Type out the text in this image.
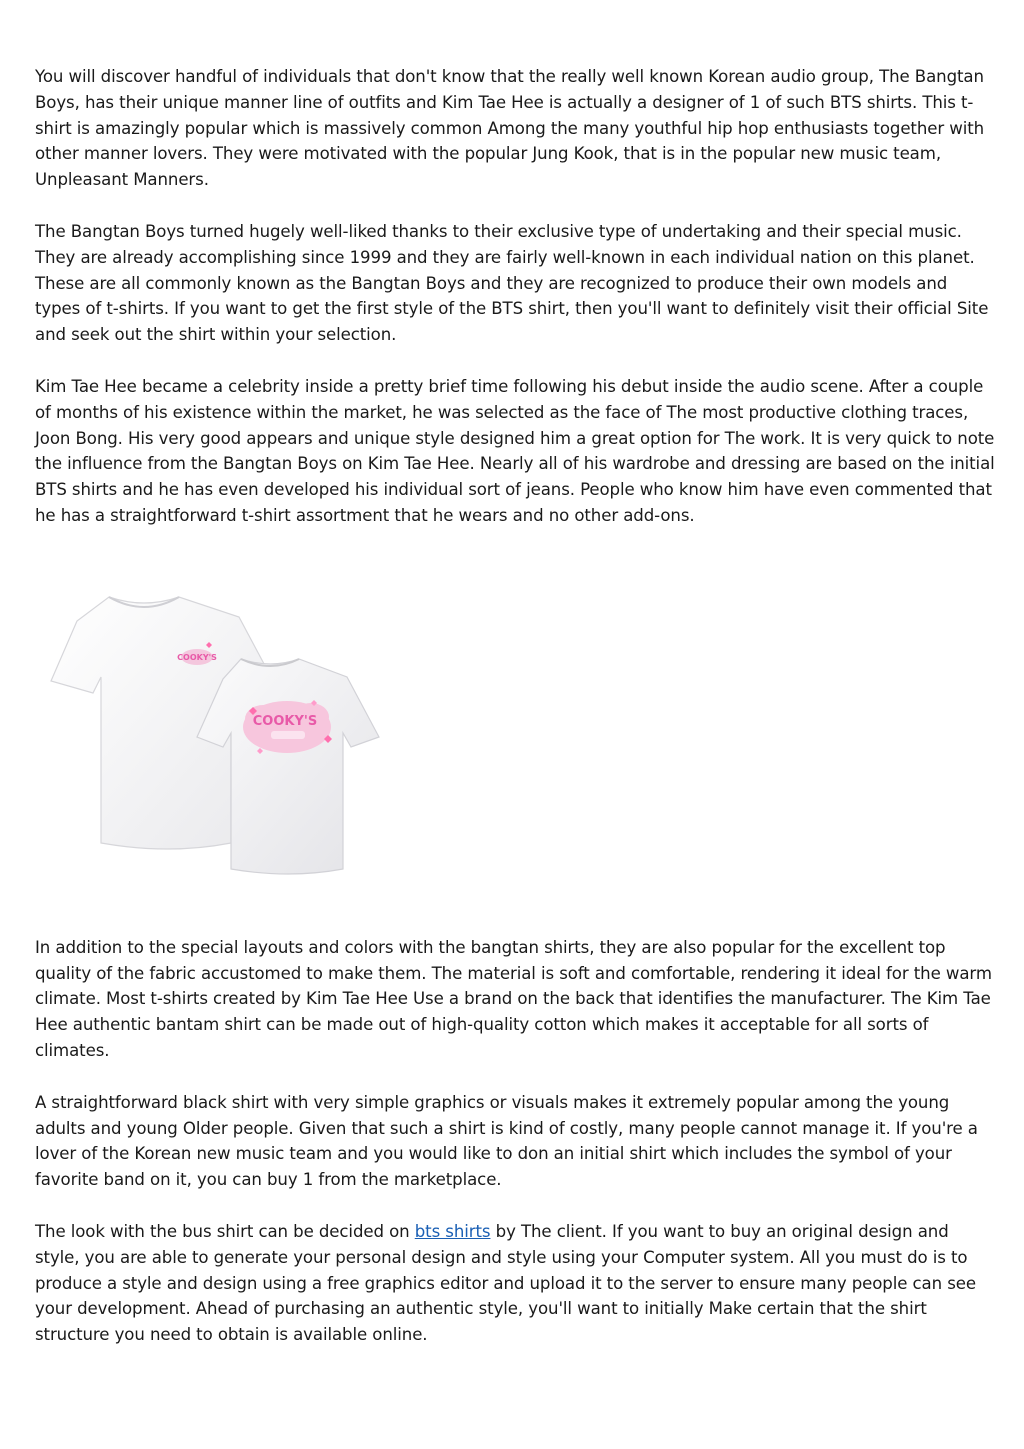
You will discover handful of individuals that don't know that the really well known Korean audio group, The Bangtan Boys, has their unique manner line of outfits and Kim Tae Hee is actually a designer of 1 of such BTS shirts. This t-shirt is amazingly popular which is massively common Among the many youthful hip hop enthusiasts together with other manner lovers. They were motivated with the popular Jung Kook, that is in the popular new music team, Unpleasant Manners.

The Bangtan Boys turned hugely well-liked thanks to their exclusive type of undertaking and their special music. They are already accomplishing since 1999 and they are fairly well-known in each individual nation on this planet. These are all commonly known as the Bangtan Boys and they are recognized to produce their own models and types of t-shirts. If you want to get the first style of the BTS shirt, then you'll want to definitely visit their official Site and seek out the shirt within your selection.

Kim Tae Hee became a celebrity inside a pretty brief time following his debut inside the audio scene. After a couple of months of his existence within the market, he was selected as the face of The most productive clothing traces, Joon Bong. His very good appears and unique style designed him a great option for The work. It is very quick to note the influence from the Bangtan Boys on Kim Tae Hee. Nearly all of his wardrobe and dressing are based on the initial BTS shirts and he has even developed his individual sort of jeans. People who know him have even commented that he has a straightforward t-shirt assortment that he wears and no other add-ons.

COOKY'S
COOKY'S

In addition to the special layouts and colors with the bangtan shirts, they are also popular for the excellent top quality of the fabric accustomed to make them. The material is soft and comfortable, rendering it ideal for the warm climate. Most t-shirts created by Kim Tae Hee Use a brand on the back that identifies the manufacturer. The Kim Tae Hee authentic bantam shirt can be made out of high-quality cotton which makes it acceptable for all sorts of climates.

A straightforward black shirt with very simple graphics or visuals makes it extremely popular among the young adults and young Older people. Given that such a shirt is kind of costly, many people cannot manage it. If you're a lover of the Korean new music team and you would like to don an initial shirt which includes the symbol of your favorite band on it, you can buy 1 from the marketplace.

The look with the bus shirt can be decided on bts shirts by The client. If you want to buy an original design and style, you are able to generate your personal design and style using your Computer system. All you must do is to produce a style and design using a free graphics editor and upload it to the server to ensure many people can see your development. Ahead of purchasing an authentic style, you'll want to initially Make certain that the shirt structure you need to obtain is available online.
